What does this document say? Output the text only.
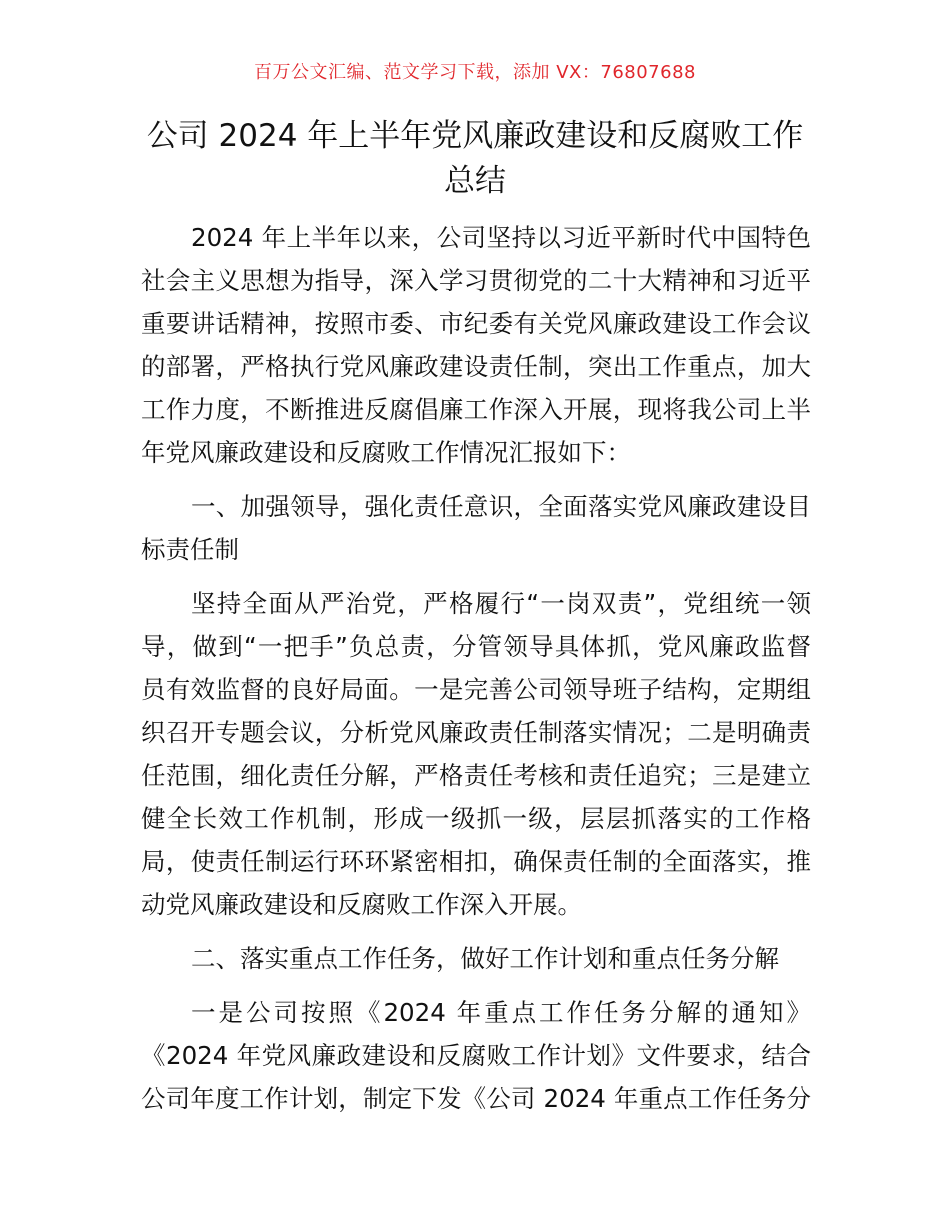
百万公文汇编、范文学习下载，添加 VX：76807688
公司 2024 年上半年党风廉政建设和反腐败工作
总结
2024 年上半年以来，公司坚持以习近平新时代中国特色
社会主义思想为指导，深入学习贯彻党的二十大精神和习近平
重要讲话精神，按照市委、市纪委有关党风廉政建设工作会议
的部署，严格执行党风廉政建设责任制，突出工作重点，加大
工作力度，不断推进反腐倡廉工作深入开展，现将我公司上半
年党风廉政建设和反腐败工作情况汇报如下：
一、加强领导，强化责任意识，全面落实党风廉政建设目
标责任制
坚持全面从严治党，严格履行“一岗双责”，党组统一领
导，做到“一把手”负总责，分管领导具体抓，党风廉政监督
员有效监督的良好局面。一是完善公司领导班子结构，定期组
织召开专题会议，分析党风廉政责任制落实情况；二是明确责
任范围，细化责任分解，严格责任考核和责任追究；三是建立
健全长效工作机制，形成一级抓一级，层层抓落实的工作格
局，使责任制运行环环紧密相扣，确保责任制的全面落实，推
动党风廉政建设和反腐败工作深入开展。
二、落实重点工作任务，做好工作计划和重点任务分解
一是公司按照《2024 年重点工作任务分解的通知》
《2024 年党风廉政建设和反腐败工作计划》文件要求，结合
公司年度工作计划，制定下发《公司 2024 年重点工作任务分
